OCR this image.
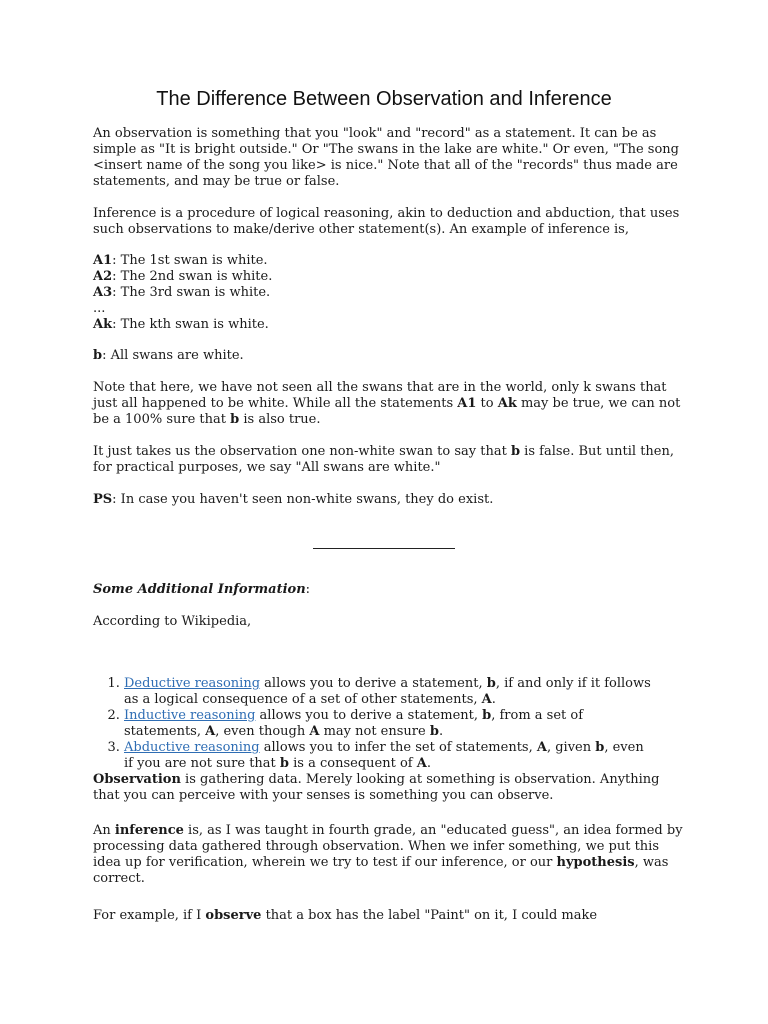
The Difference Between Observation and Inference

An observation is something that you "look" and "record" as a statement. It can be as

simple as "It is bright outside." Or "The swans in the lake are white." Or even, "The song

<insert name of the song you like> is nice." Note that all of the "records" thus made are

statements, and may be true or false.

Inference is a procedure of logical reasoning, akin to deduction and abduction, that uses

such observations to make/derive other statement(s). An example of inference is,

A1: The 1st swan is white.

A2: The 2nd swan is white.

A3: The 3rd swan is white.

...

Ak: The kth swan is white.

b: All swans are white.

Note that here, we have not seen all the swans that are in the world, only k swans that

just all happened to be white. While all the statements A1 to Ak may be true, we can not

be a 100% sure that b is also true.

It just takes us the observation one non-white swan to say that b is false. But until then,

for practical purposes, we say "All swans are white."

PS: In case you haven't seen non-white swans, they do exist.

Some Additional Information:

According to Wikipedia,

1. Deductive reasoning allows you to derive a statement, b, if and only if it follows
as a logical consequence of a set of other statements, A.
2. Inductive reasoning allows you to derive a statement, b, from a set of
statements, A, even though A may not ensure b.
3. Abductive reasoning allows you to infer the set of statements, A, given b, even
if you are not sure that b is a consequent of A.

Observation is gathering data. Merely looking at something is observation. Anything

that you can perceive with your senses is something you can observe.

An inference is, as I was taught in fourth grade, an "educated guess", an idea formed by

processing data gathered through observation. When we infer something, we put this

idea up for verification, wherein we try to test if our inference, or our hypothesis, was

correct.

For example, if I observe that a box has the label "Paint" on it, I could make
